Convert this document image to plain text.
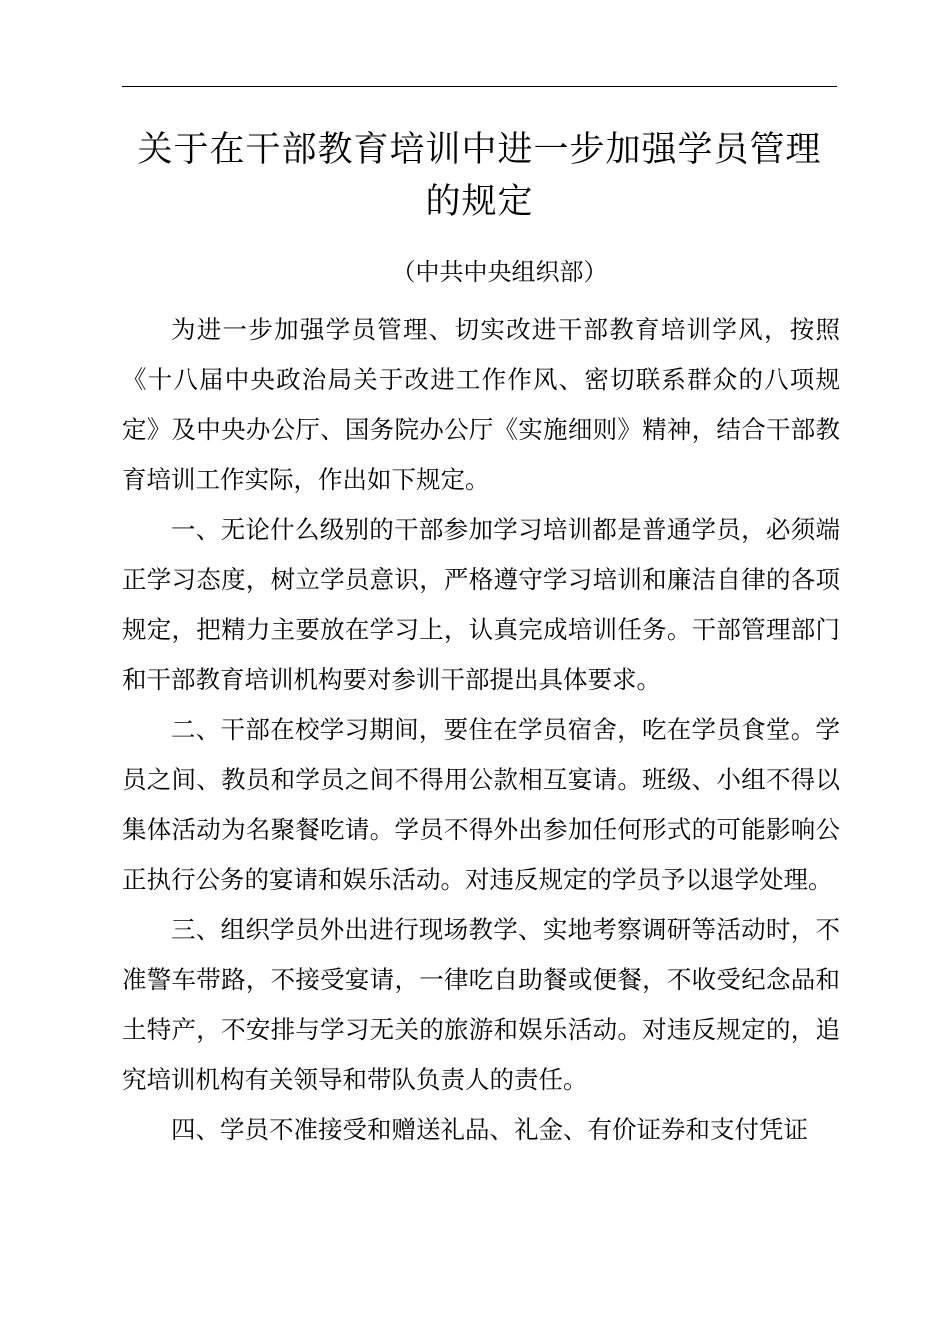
关于在干部教育培训中进一步加强学员管理的规定
（中共中央组织部）

为进一步加强学员管理、切实改进干部教育培训学风，按照《十八届中央政治局关于改进工作作风、密切联系群众的八项规定》及中央办公厅、国务院办公厅《实施细则》精神，结合干部教育培训工作实际，作出如下规定。

一、无论什么级别的干部参加学习培训都是普通学员，必须端正学习态度，树立学员意识，严格遵守学习培训和廉洁自律的各项规定，把精力主要放在学习上，认真完成培训任务。干部管理部门和干部教育培训机构要对参训干部提出具体要求。

二、干部在校学习期间，要住在学员宿舍，吃在学员食堂。学员之间、教员和学员之间不得用公款相互宴请。班级、小组不得以集体活动为名聚餐吃请。学员不得外出参加任何形式的可能影响公正执行公务的宴请和娱乐活动。对违反规定的学员予以退学处理。

三、组织学员外出进行现场教学、实地考察调研等活动时，不准警车带路，不接受宴请，一律吃自助餐或便餐，不收受纪念品和土特产，不安排与学习无关的旅游和娱乐活动。对违反规定的，追究培训机构有关领导和带队负责人的责任。

四、学员不准接受和赠送礼品、礼金、有价证券和支付凭证
